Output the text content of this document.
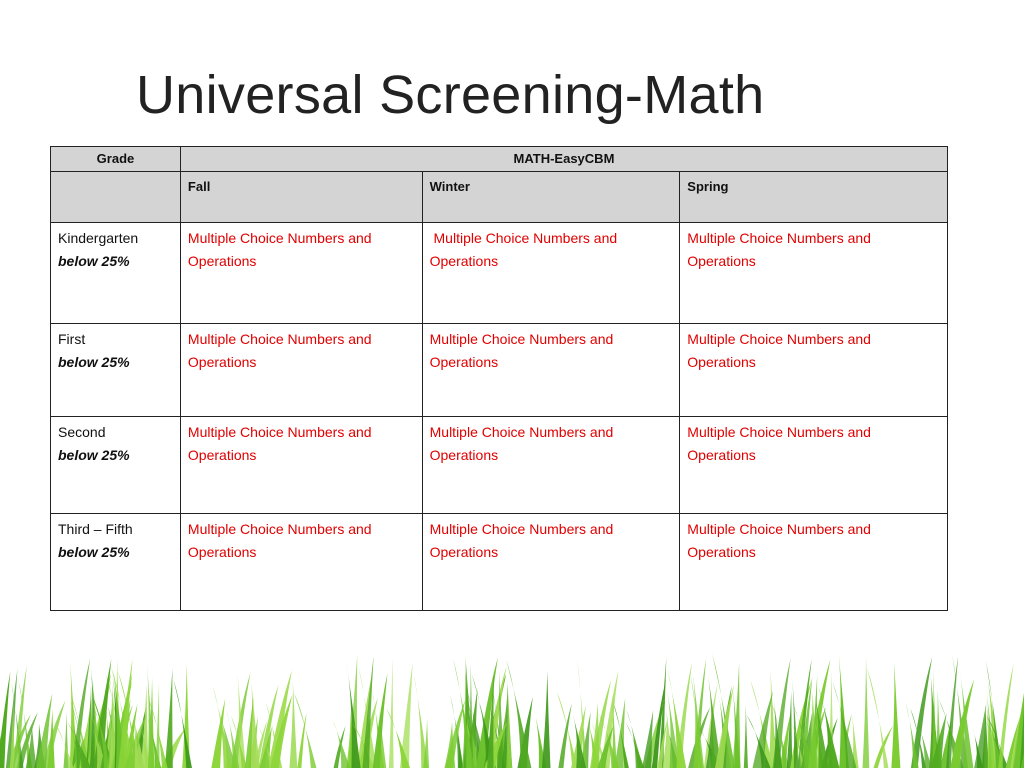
Universal Screening-Math
Grade	MATH-EasyCBM		
	Fall	Winter	Spring
Kindergarten
below 25%	Multiple Choice Numbers and Operations	Multiple Choice Numbers and Operations	Multiple Choice Numbers and Operations
First
below 25%	Multiple Choice Numbers and Operations	Multiple Choice Numbers and Operations	Multiple Choice Numbers and Operations
Second
below 25%	Multiple Choice Numbers and Operations	Multiple Choice Numbers and Operations	Multiple Choice Numbers and Operations
Third – Fifth
below 25%	Multiple Choice Numbers and Operations	Multiple Choice Numbers and Operations	Multiple Choice Numbers and Operations
